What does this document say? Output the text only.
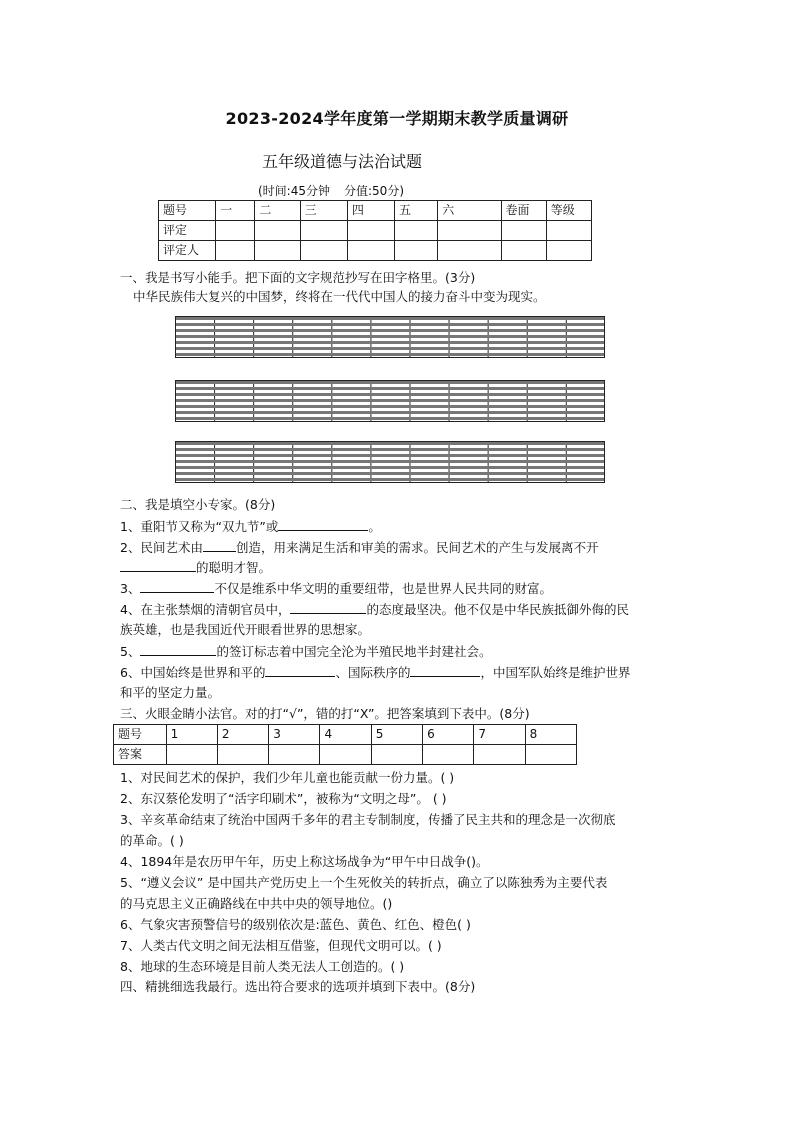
2023-2024学年度第一学期期末教学质量调研
五年级道德与法治试题
(时间:45分钟 分值:50分)
题号	一	二	三	四	五	六	卷面	等级
评定								
评定人								
一、我是书写小能手。把下面的文字规范抄写在田字格里。(3分)
中华民族伟大复兴的中国梦，终将在一代代中国人的接力奋斗中变为现实。
二、我是填空小专家。(8分)
1、重阳节又称为“双九节”或	。
2、民间艺术由	创造，用来满足生活和审美的需求。民间艺术的产生与发展离不开
的聪明才智。
3、	不仅是维系中华文明的重要纽带，也是世界人民共同的财富。
4、在主张禁烟的清朝官员中，	的态度最坚决。他不仅是中华民族抵御外侮的民
族英雄，也是我国近代开眼看世界的思想家。
5、	的签订标志着中国完全沦为半殖民地半封建社会。
6、中国始终是世界和平的	、国际秩序的	，中国军队始终是维护世界
和平的坚定力量。
三、火眼金睛小法官。对的打“√”，错的打“X”。把答案填到下表中。(8分)
题号	1	2	3	4	5	6	7	8
答案								
1、对民间艺术的保护，我们少年儿童也能贡献一份力量。( )
2、东汉蔡伦发明了“活字印刷术”，被称为“文明之母”。 ( )
3、辛亥革命结束了统治中国两千多年的君主专制制度，传播了民主共和的理念是一次彻底
的革命。( )
4、1894年是农历甲午年，历史上称这场战争为“甲午中日战争()。
5、“遵义会议” 是中国共产党历史上一个生死攸关的转折点，确立了以陈独秀为主要代表
的马克思主义正确路线在中共中央的领导地位。()
6、气象灾害预警信号的级别依次是:蓝色、黄色、红色、橙色( )
7、人类古代文明之间无法相互借鉴，但现代文明可以。( )
8、地球的生态环境是目前人类无法人工创造的。( )
四、精挑细选我最行。选出符合要求的选项并填到下表中。(8分)
